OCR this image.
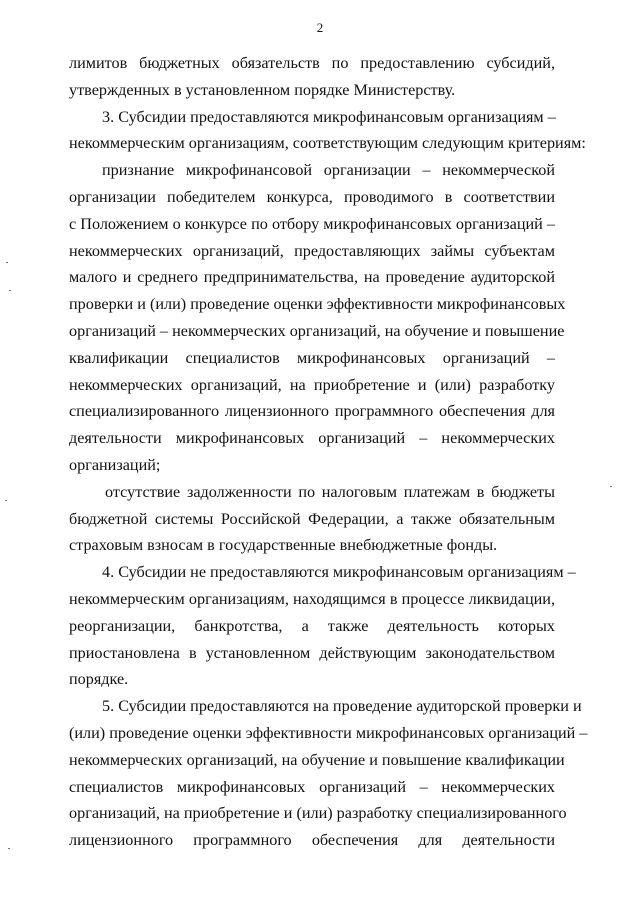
2
лимитов бюджетных обязательств по предоставлению субсидий,
утвержденных в установленном порядке Министерству.
3. Субсидии предоставляются микрофинансовым организациям –
некоммерческим организациям, соответствующим следующим критериям:
признание микрофинансовой организации – некоммерческой
организации победителем конкурса, проводимого в соответствии
с Положением о конкурсе по отбору микрофинансовых организаций –
некоммерческих организаций, предоставляющих займы субъектам
малого и среднего предпринимательства, на проведение аудиторской
проверки и (или) проведение оценки эффективности микрофинансовых
организаций – некоммерческих организаций, на обучение и повышение
квалификации специалистов микрофинансовых организаций –
некоммерческих организаций, на приобретение и (или) разработку
специализированного лицензионного программного обеспечения для
деятельности микрофинансовых организаций – некоммерческих
организаций;
отсутствие задолженности по налоговым платежам в бюджеты
бюджетной системы Российской Федерации, а также обязательным
страховым взносам в государственные внебюджетные фонды.
4. Субсидии не предоставляются микрофинансовым организациям –
некоммерческим организациям, находящимся в процессе ликвидации,
реорганизации, банкротства, а также деятельность которых
приостановлена в установленном действующим законодательством
порядке.
5. Субсидии предоставляются на проведение аудиторской проверки и
(или) проведение оценки эффективности микрофинансовых организаций –
некоммерческих организаций, на обучение и повышение квалификации
специалистов микрофинансовых организаций – некоммерческих
организаций, на приобретение и (или) разработку специализированного
лицензионного программного обеспечения для деятельности
